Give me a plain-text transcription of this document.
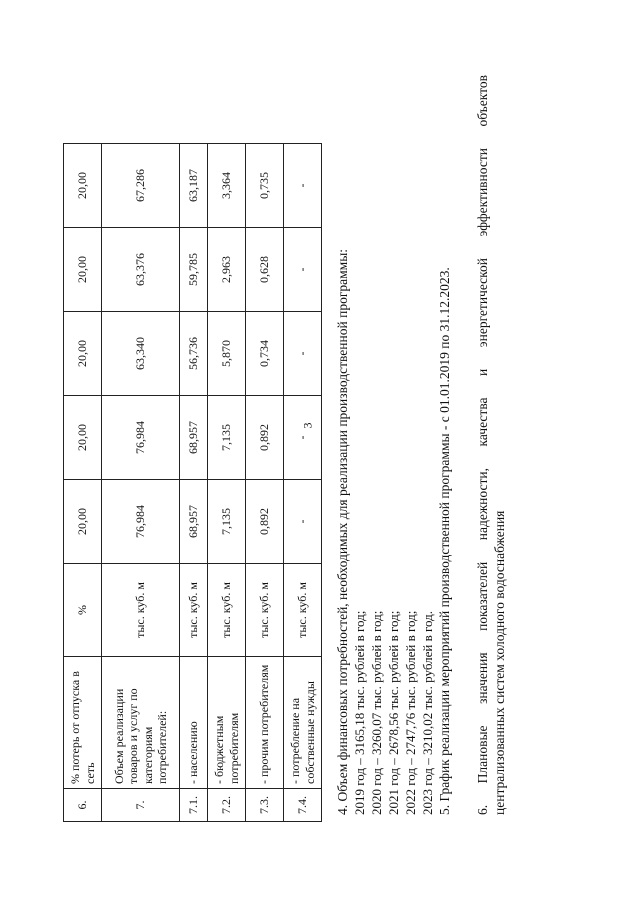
3
6.	% потерь от отпуска в сеть	%	20,00	20,00	20,00	20,00	20,00
7.	Объем реализации товаров и услуг по категориям потребителей:	тыс. куб. м	76,984	76,984	63,340	63,376	67,286
7.1.	- населению	тыс. куб. м	68,957	68,957	56,736	59,785	63,187
7.2.	- бюджетным потребителям	тыс. куб. м	7,135	7,135	5,870	2,963	3,364
7.3.	- прочим потребителям	тыс. куб. м	0,892	0,892	0,734	0,628	0,735
7.4.	- потребление на собственные нужды	тыс. куб. м	-	-	-	-	-
4. Объем финансовых потребностей, необходимых для реализации производственной программы: 2019 год – 3165,18 тыс. рублей в год; 2020 год – 3260,07 тыс. рублей в год; 2021 год – 2678,56 тыс. рублей в год; 2022 год – 2747,76 тыс. рублей в год; 2023 год – 3210,02 тыс. рублей в год. 5. График реализации мероприятий производственной программы - с 01.01.2019 по 31.12.2023. 6. Плановые значения показателей надежности, качества и энергетической эффективности объектов централизованных систем холодного водоснабжения
